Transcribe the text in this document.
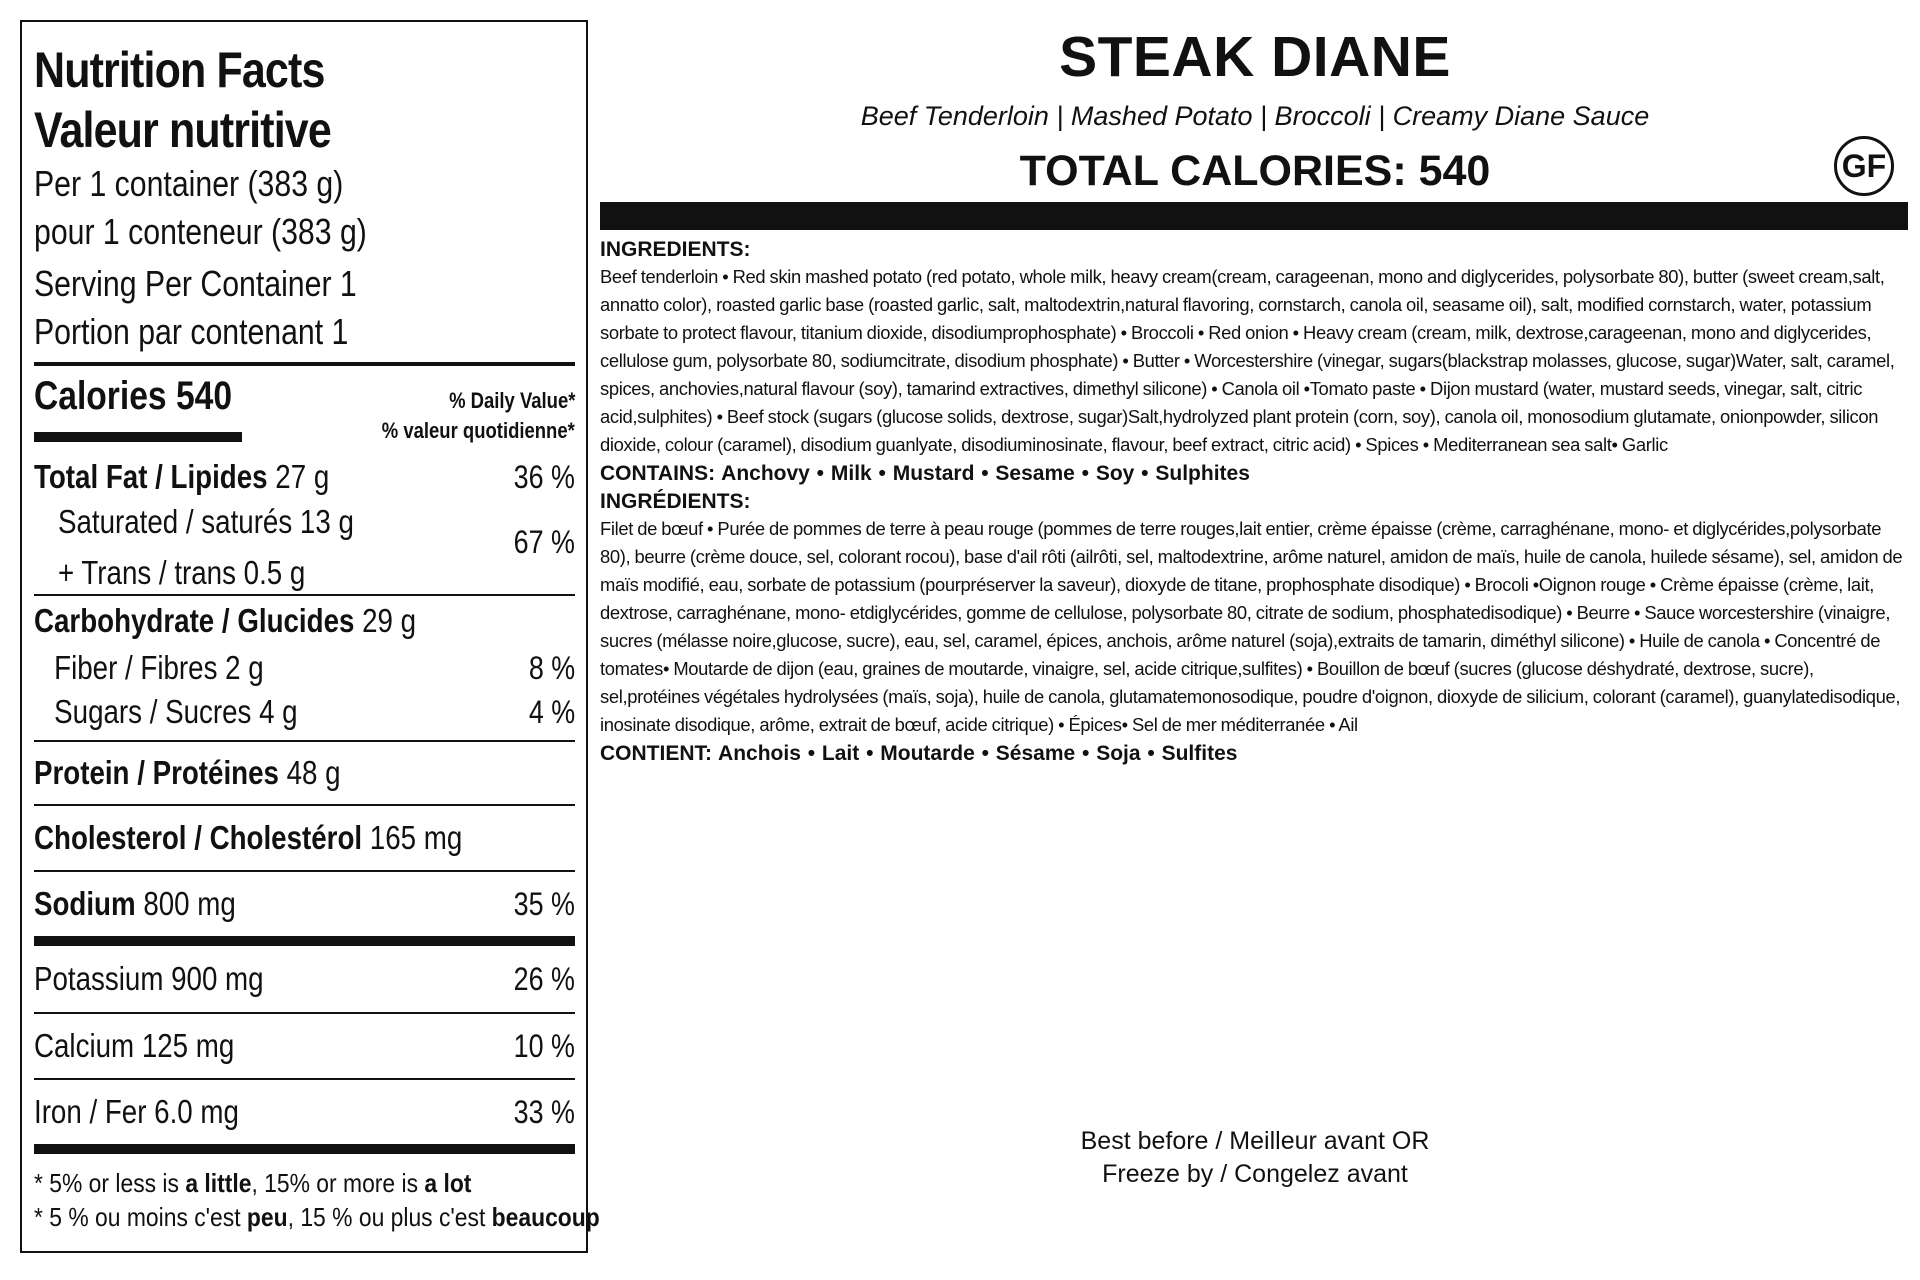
Nutrition Facts
Valeur nutritive
Per 1 container (383 g)
pour 1 conteneur (383 g)
Serving Per Container 1
Portion par contenant 1
Calories 540	% Daily Value*
% valeur quotidienne*
Total Fat / Lipides 27 g	36 %
Saturated / saturés 13 g
+ Trans / trans 0.5 g
67 %
Carbohydrate / Glucides 29 g
Fiber / Fibres 2 g	8 %
Sugars / Sucres 4 g	4 %
Protein / Protéines 48 g
Cholesterol / Cholestérol 165 mg
Sodium 800 mg	35 %
Potassium 900 mg	26 %
Calcium 125 mg	10 %
Iron / Fer 6.0 mg	33 %
* 5% or less is a little, 15% or more is a lot
* 5 % ou moins c'est peu, 15 % ou plus c'est beaucoup
STEAK DIANE
Beef Tenderloin | Mashed Potato | Broccoli | Creamy Diane Sauce
TOTAL CALORIES: 540	GF
INGREDIENTS:
Beef tenderloin • Red skin mashed potato (red potato, whole milk, heavy cream(cream, carageenan, mono and diglycerides, polysorbate 80), butter (sweet cream,salt, annatto color), roasted garlic base (roasted garlic, salt, maltodextrin,natural flavoring, cornstarch, canola oil, seasame oil), salt, modified cornstarch, water, potassium sorbate to protect flavour, titanium dioxide, disodiumprophosphate) • Broccoli • Red onion • Heavy cream (cream, milk, dextrose,carageenan, mono and diglycerides, cellulose gum, polysorbate 80, sodiumcitrate, disodium phosphate) • Butter • Worcestershire (vinegar, sugars(blackstrap molasses, glucose, sugar)Water, salt, caramel, spices, anchovies,natural flavour (soy), tamarind extractives, dimethyl silicone) • Canola oil •Tomato paste • Dijon mustard (water, mustard seeds, vinegar, salt, citric acid,sulphites) • Beef stock (sugars (glucose solids, dextrose, sugar)Salt,hydrolyzed plant protein (corn, soy), canola oil, monosodium glutamate, onionpowder, silicon dioxide, colour (caramel), disodium guanlyate, disodiuminosinate, flavour, beef extract, citric acid) • Spices • Mediterranean sea salt• Garlic
CONTAINS: Anchovy • Milk • Mustard • Sesame • Soy • Sulphites
INGRÉDIENTS:
Filet de bœuf • Purée de pommes de terre à peau rouge (pommes de terre rouges,lait entier, crème épaisse (crème, carraghénane, mono- et diglycérides,polysorbate 80), beurre (crème douce, sel, colorant rocou), base d'ail rôti (ailrôti, sel, maltodextrine, arôme naturel, amidon de maïs, huile de canola, huilede sésame), sel, amidon de maïs modifié, eau, sorbate de potassium (pourpréserver la saveur), dioxyde de titane, prophosphate disodique) • Brocoli •Oignon rouge • Crème épaisse (crème, lait, dextrose, carraghénane, mono- etdiglycérides, gomme de cellulose, polysorbate 80, citrate de sodium, phosphatedisodique) • Beurre • Sauce worcestershire (vinaigre, sucres (mélasse noire,glucose, sucre), eau, sel, caramel, épices, anchois, arôme naturel (soja),extraits de tamarin, diméthyl silicone) • Huile de canola • Concentré de tomates• Moutarde de dijon (eau, graines de moutarde, vinaigre, sel, acide citrique,sulfites) • Bouillon de bœuf (sucres (glucose déshydraté, dextrose, sucre), sel,protéines végétales hydrolysées (maïs, soja), huile de canola, glutamatemonosodique, poudre d'oignon, dioxyde de silicium, colorant (caramel), guanylatedisodique, inosinate disodique, arôme, extrait de bœuf, acide citrique) • Épices• Sel de mer méditerranée • Ail
CONTIENT: Anchois • Lait • Moutarde • Sésame • Soja • Sulfites
Best before / Meilleur avant OR
Freeze by / Congelez avant
